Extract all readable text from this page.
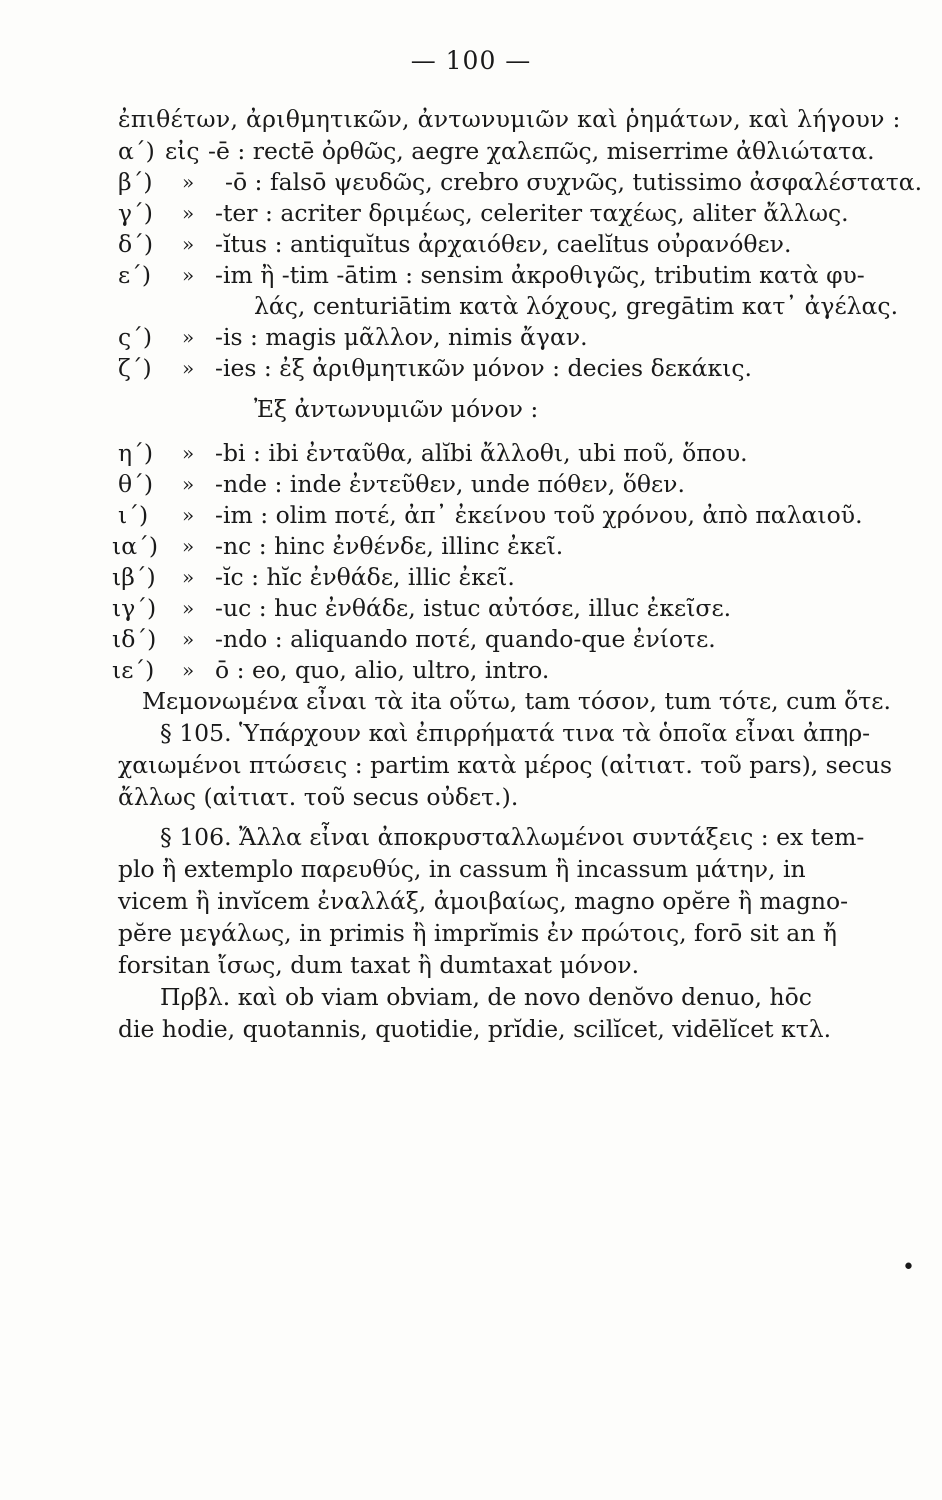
— 100 —
ἐπιθέτων, ἀριθμητικῶν, ἀντωνυμιῶν καὶ ῥημάτων, καὶ λήγουν :
α΄) εἰς -ē : rectē ὀρθῶς, aegre χαλεπῶς, miserrime ἀθλιώτατα.
β΄) » -ō : falsō ψευδῶς, crebro συχνῶς, tutissimo ἀσφαλέστατα.
γ΄) » -ter : acriter δριμέως, celeriter ταχέως, aliter ἄλλως.
δ΄) » -ĭtus : antiquĭtus ἀρχαιόθεν, caelĭtus οὐρανόθεν.
ε΄) » -im ἢ -tim -ātim : sensim ἀκροθιγῶς, tributim κατὰ φυ-
λάς, centuriātim κατὰ λόχους, gregātim κατ᾽ ἀγέλας.
ς΄) » -is : magis μᾶλλον, nimis ἄγαν.
ζ΄) » -ies : ἐξ ἀριθμητικῶν μόνον : decies δεκάκις.
Ἐξ ἀντωνυμιῶν μόνον :
η΄) » -bi : ibi ἐνταῦθα, alĭbi ἄλλοθι, ubi ποῦ, ὅπου.
θ΄) » -nde : inde ἐντεῦθεν, unde πόθεν, ὅθεν.
ι΄) » -im : olim ποτέ, ἀπ᾽ ἐκείνου τοῦ χρόνου, ἀπὸ παλαιοῦ.
ια΄) » -nc : hinc ἐνθένδε, illinc ἐκεῖ.
ιβ΄) » -ĭc : hĭc ἐνθάδε, illic ἐκεῖ.
ιγ΄) » -uc : huc ἐνθάδε, istuc αὐτόσε, illuc ἐκεῖσε.
ιδ΄) » -ndo : aliquando ποτέ, quando-que ἐνίοτε.
ιε΄) » ō : eo, quo, alio, ultro, intro.
Μεμονωμένα εἶναι τὰ ita οὕτω, tam τόσον, tum τότε, cum ὅτε.
§ 105. Ὑπάρχουν καὶ ἐπιρρήματά τινα τὰ ὁποῖα εἶναι ἀπηρ-
χαιωμένοι πτώσεις : partim κατὰ μέρος (αἰτιατ. τοῦ pars), secus
ἄλλως (αἰτιατ. τοῦ secus οὐδετ.).
§ 106. Ἄλλα εἶναι ἀποκρυσταλλωμένοι συντάξεις : ex tem-
plo ἢ extemplo παρευθύς, in cassum ἢ incassum μάτην, in
vicem ἢ invĭcem ἐναλλάξ, ἀμοιβαίως, magno opĕre ἢ magno-
pĕre μεγάλως, in primis ἢ imprĭmis ἐν πρώτοις, forō sit an ἤ
forsitan ἴσως, dum taxat ἢ dumtaxat μόνον.
Πρβλ. καὶ ob viam obviam, de novo denŏvo denuo, hōc
die hodie, quotannis, quotidie, prĭdie, scilĭcet, vidēlĭcet κτλ.
•
